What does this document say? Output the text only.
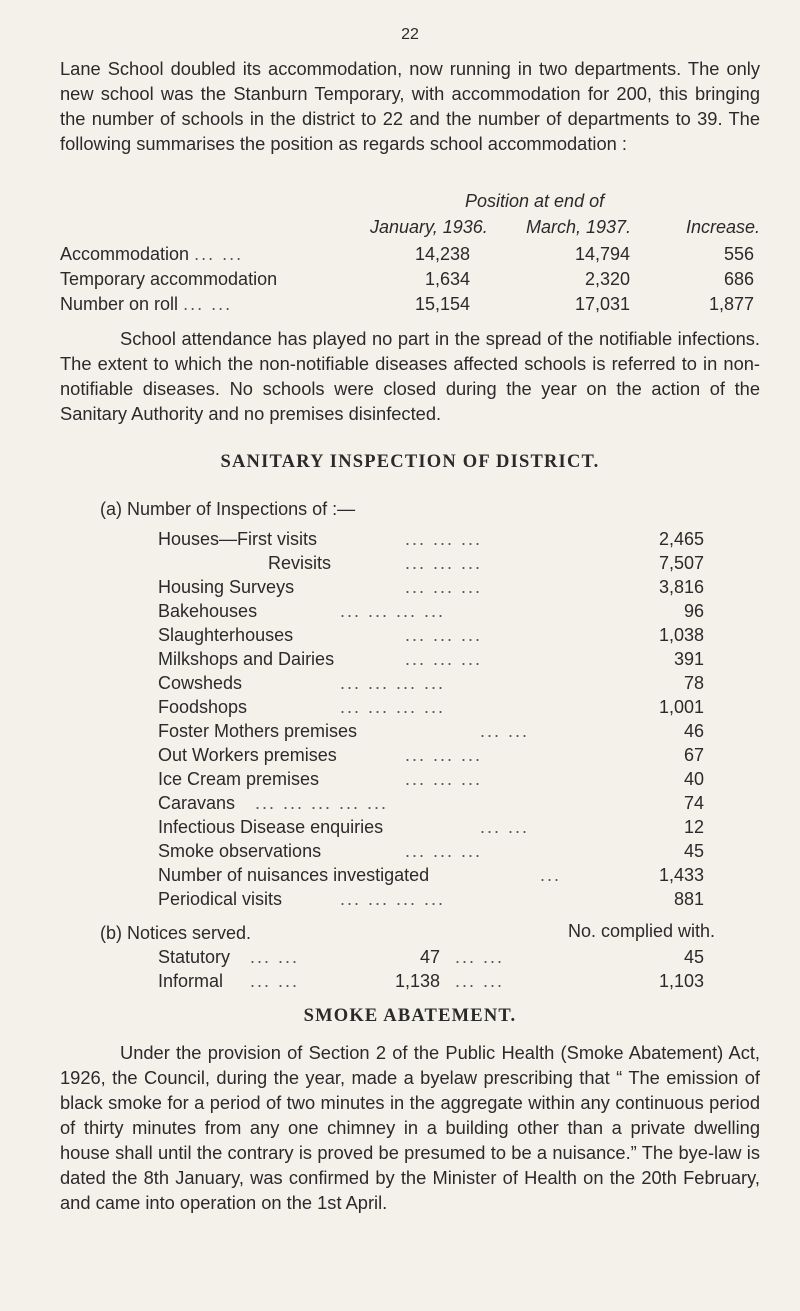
22

Lane School doubled its accommodation, now running in two departments. The only new school was the Stanburn Temporary, with accommodation for 200, this bringing the number of schools in the district to 22 and the number of departments to 39. The following summarises the position as regards school accommodation :

Position at end of
January, 1936.	March, 1937.	Increase.
Accommodation ... ...	14,238	14,794	556
Temporary accommodation	1,634	2,320	686
Number on roll ... ...	15,154	17,031	1,877

School attendance has played no part in the spread of the notifiable infections. The extent to which the non-notifiable diseases affected schools is referred to in non-notifiable diseases. No schools were closed during the year on the action of the Sanitary Authority and no premises disinfected.

SANITARY INSPECTION OF DISTRICT.
(a) Number of Inspections of :—
Houses—First visits	... ... ...	2,465
Revisits	... ... ...	7,507
Housing Surveys	... ... ...	3,816
Bakehouses	... ... ... ...	96
Slaughterhouses	... ... ...	1,038
Milkshops and Dairies	... ... ...	391
Cowsheds	... ... ... ...	78
Foodshops	... ... ... ...	1,001
Foster Mothers premises	... ...	46
Out Workers premises	... ... ...	67
Ice Cream premises	... ... ...	40
Caravans ... ... ... ... ...	74
Infectious Disease enquiries	... ...	12
Smoke observations	... ... ...	45
Number of nuisances investigated	...	1,433
Periodical visits	... ... ... ...	881
(b) Notices served.	No. complied with.
Statutory ... ...	47 ... ...	45
Informal ... ...	1,138 ... ...	1,103
SMOKE ABATEMENT.

Under the provision of Section 2 of the Public Health (Smoke Abatement) Act, 1926, the Council, during the year, made a byelaw prescribing that “ The emission of black smoke for a period of two minutes in the aggregate within any continuous period of thirty minutes from any one chimney in a building other than a private dwelling house shall until the contrary is proved be presumed to be a nuisance.” The bye-law is dated the 8th January, was confirmed by the Minister of Health on the 20th February, and came into operation on the 1st April.
